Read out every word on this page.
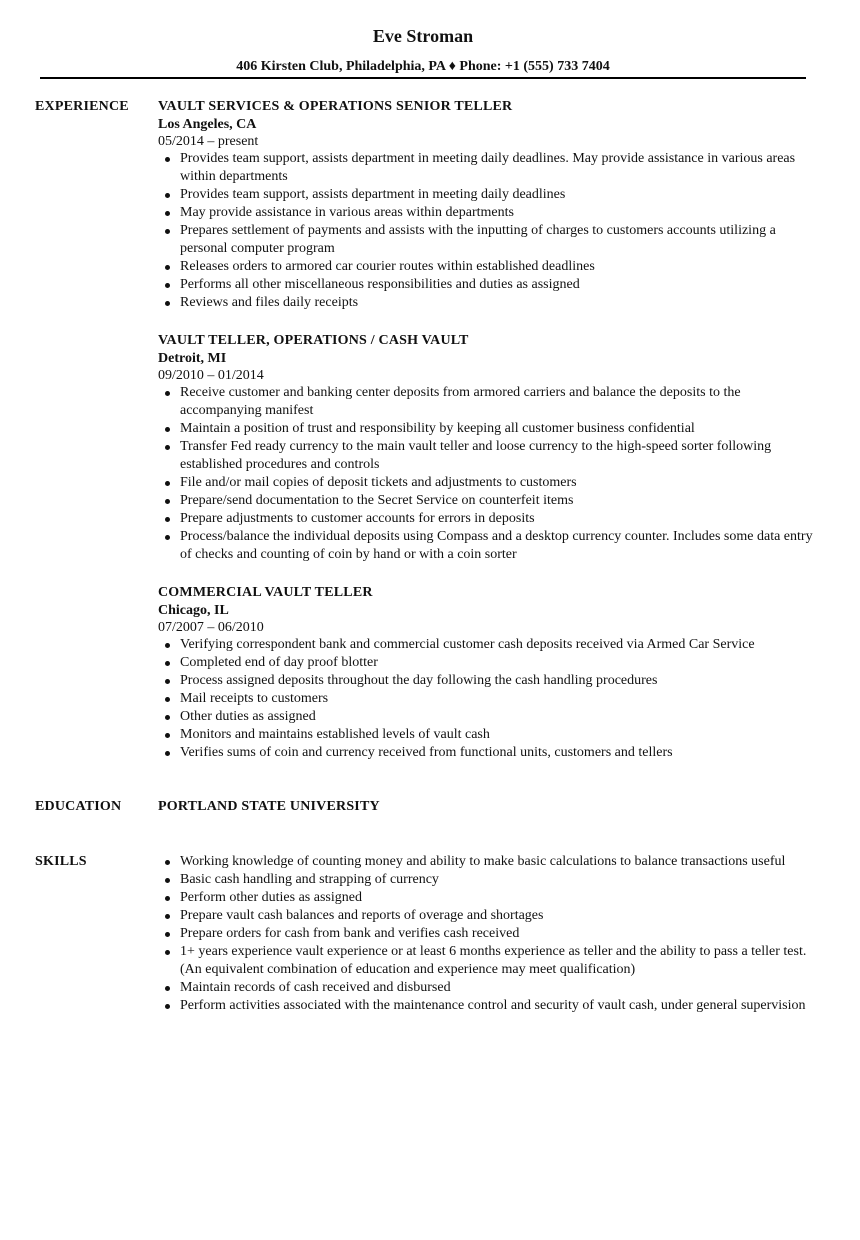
Eve Stroman
406 Kirsten Club, Philadelphia, PA ♦ Phone: +1 (555) 733 7404
EXPERIENCE VAULT SERVICES & OPERATIONS SENIOR TELLER
Los Angeles, CA
05/2014 – present
Provides team support, assists department in meeting daily deadlines. May provide assistance in various areas within departments
Provides team support, assists department in meeting daily deadlines
May provide assistance in various areas within departments
Prepares settlement of payments and assists with the inputting of charges to customers accounts utilizing a personal computer program
Releases orders to armored car courier routes within established deadlines
Performs all other miscellaneous responsibilities and duties as assigned
Reviews and files daily receipts
VAULT TELLER, OPERATIONS / CASH VAULT
Detroit, MI
09/2010 – 01/2014
Receive customer and banking center deposits from armored carriers and balance the deposits to the accompanying manifest
Maintain a position of trust and responsibility by keeping all customer business confidential
Transfer Fed ready currency to the main vault teller and loose currency to the high-speed sorter following established procedures and controls
File and/or mail copies of deposit tickets and adjustments to customers
Prepare/send documentation to the Secret Service on counterfeit items
Prepare adjustments to customer accounts for errors in deposits
Process/balance the individual deposits using Compass and a desktop currency counter. Includes some data entry of checks and counting of coin by hand or with a coin sorter
COMMERCIAL VAULT TELLER
Chicago, IL
07/2007 – 06/2010
Verifying correspondent bank and commercial customer cash deposits received via Armed Car Service
Completed end of day proof blotter
Process assigned deposits throughout the day following the cash handling procedures
Mail receipts to customers
Other duties as assigned
Monitors and maintains established levels of vault cash
Verifies sums of coin and currency received from functional units, customers and tellers
EDUCATION	PORTLAND STATE UNIVERSITY
SKILLS	Working knowledge of counting money and ability to make basic calculations to balance transactions useful
Basic cash handling and strapping of currency
Perform other duties as assigned
Prepare vault cash balances and reports of overage and shortages
Prepare orders for cash from bank and verifies cash received
1+ years experience vault experience or at least 6 months experience as teller and the ability to pass a teller test. (An equivalent combination of education and experience may meet qualification)
Maintain records of cash received and disbursed
Perform activities associated with the maintenance control and security of vault cash, under general supervision
